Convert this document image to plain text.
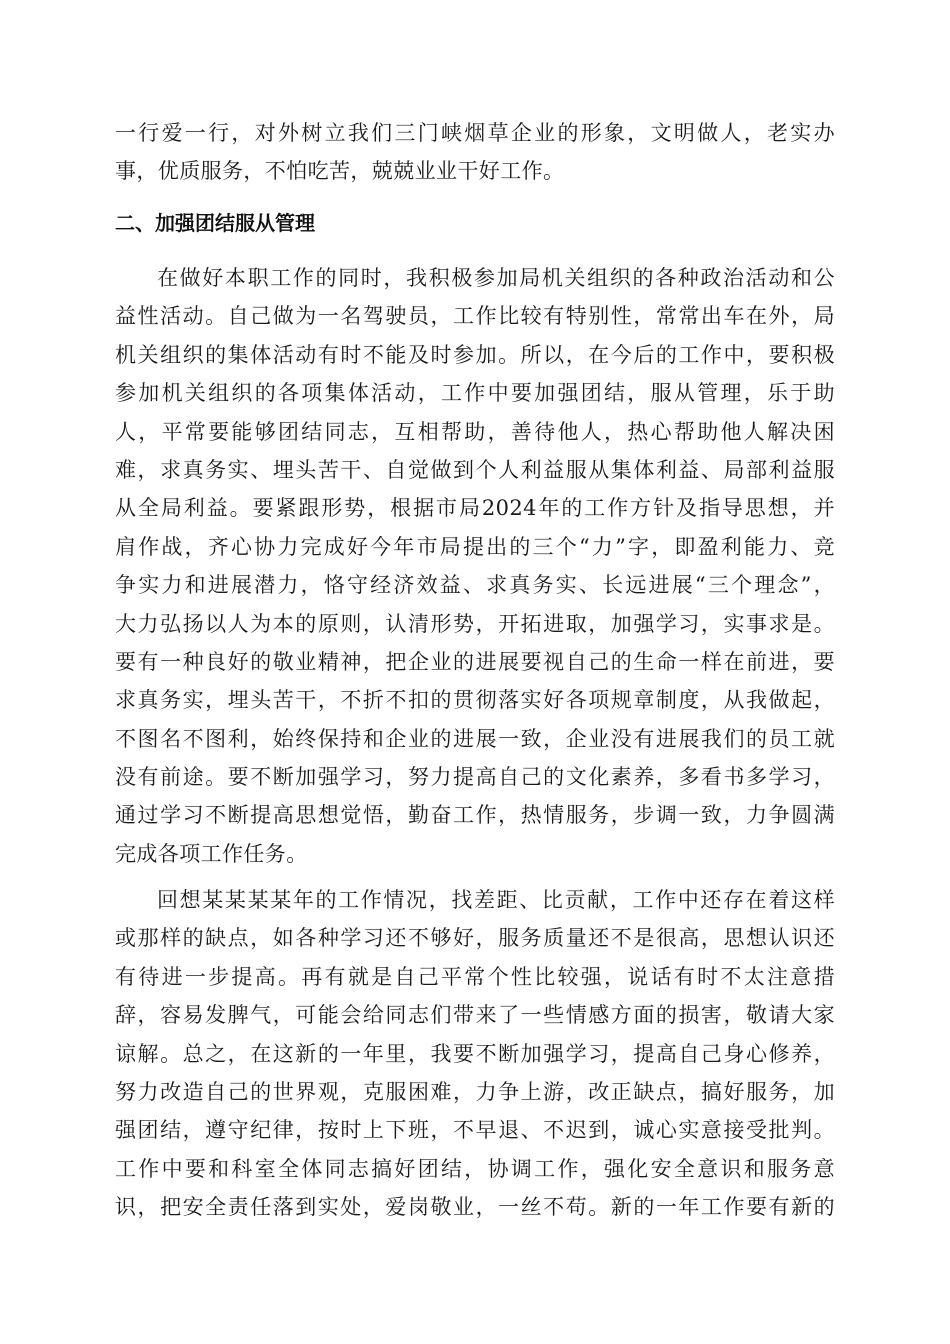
一行爱一行，对外树立我们三门峡烟草企业的形象，文明做人，老实办
事，优质服务，不怕吃苦，兢兢业业干好工作。
二、加强团结服从管理
在做好本职工作的同时，我积极参加局机关组织的各种政治活动和公
益性活动。自己做为一名驾驶员，工作比较有特别性，常常出车在外，局
机关组织的集体活动有时不能及时参加。所以，在今后的工作中，要积极
参加机关组织的各项集体活动，工作中要加强团结，服从管理，乐于助
人，平常要能够团结同志，互相帮助，善待他人，热心帮助他人解决困
难，求真务实、埋头苦干、自觉做到个人利益服从集体利益、局部利益服
从全局利益。要紧跟形势，根据市局2024年的工作方针及指导思想，并
肩作战，齐心协力完成好今年市局提出的三个“力”字，即盈利能力、竞
争实力和进展潜力，恪守经济效益、求真务实、长远进展“三个理念”，
大力弘扬以人为本的原则，认清形势，开拓进取，加强学习，实事求是。
要有一种良好的敬业精神，把企业的进展要视自己的生命一样在前进，要
求真务实，埋头苦干，不折不扣的贯彻落实好各项规章制度，从我做起，
不图名不图利，始终保持和企业的进展一致，企业没有进展我们的员工就
没有前途。要不断加强学习，努力提高自己的文化素养，多看书多学习，
通过学习不断提高思想觉悟，勤奋工作，热情服务，步调一致，力争圆满
完成各项工作任务。
回想某某某某年的工作情况，找差距、比贡献，工作中还存在着这样
或那样的缺点，如各种学习还不够好，服务质量还不是很高，思想认识还
有待进一步提高。再有就是自己平常个性比较强，说话有时不太注意措
辞，容易发脾气，可能会给同志们带来了一些情感方面的损害，敬请大家
谅解。总之，在这新的一年里，我要不断加强学习，提高自己身心修养，
努力改造自己的世界观，克服困难，力争上游，改正缺点，搞好服务，加
强团结，遵守纪律，按时上下班，不早退、不迟到，诚心实意接受批判。
工作中要和科室全体同志搞好团结，协调工作，强化安全意识和服务意
识，把安全责任落到实处，爱岗敬业，一丝不苟。新的一年工作要有新的
